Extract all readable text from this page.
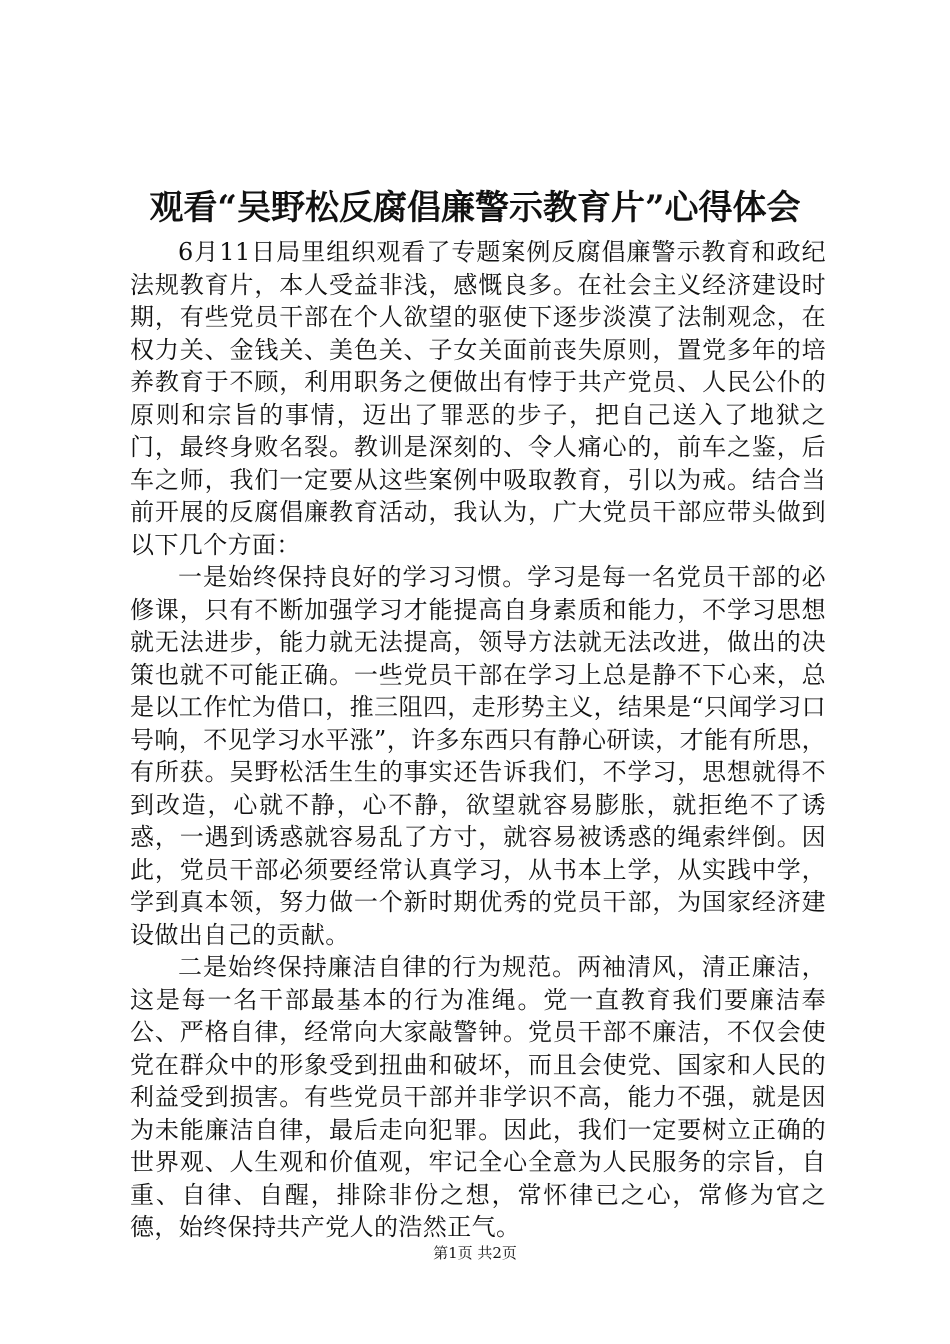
观看“吴野松反腐倡廉警示教育片”心得体会

6月11日局里组织观看了专题案例反腐倡廉警示教育和政纪法规教育片，本人受益非浅，感慨良多。在社会主义经济建设时期，有些党员干部在个人欲望的驱使下逐步淡漠了法制观念，在权力关、金钱关、美色关、子女关面前丧失原则，置党多年的培养教育于不顾，利用职务之便做出有悖于共产党员、人民公仆的原则和宗旨的事情，迈出了罪恶的步子，把自己送入了地狱之门，最终身败名裂。教训是深刻的、令人痛心的，前车之鉴，后车之师，我们一定要从这些案例中吸取教育，引以为戒。结合当前开展的反腐倡廉教育活动，我认为，广大党员干部应带头做到以下几个方面：

一是始终保持良好的学习习惯。学习是每一名党员干部的必修课，只有不断加强学习才能提高自身素质和能力，不学习思想就无法进步，能力就无法提高，领导方法就无法改进，做出的决策也就不可能正确。一些党员干部在学习上总是静不下心来，总是以工作忙为借口，推三阻四，走形势主义，结果是“只闻学习口号响，不见学习水平涨”，许多东西只有静心研读，才能有所思，有所获。吴野松活生生的事实还告诉我们，不学习，思想就得不到改造，心就不静，心不静，欲望就容易膨胀，就拒绝不了诱惑，一遇到诱惑就容易乱了方寸，就容易被诱惑的绳索绊倒。因此，党员干部必须要经常认真学习，从书本上学，从实践中学，学到真本领，努力做一个新时期优秀的党员干部，为国家经济建设做出自己的贡献。

二是始终保持廉洁自律的行为规范。两袖清风，清正廉洁，这是每一名干部最基本的行为准绳。党一直教育我们要廉洁奉公、严格自律，经常向大家敲警钟。党员干部不廉洁，不仅会使党在群众中的形象受到扭曲和破坏，而且会使党、国家和人民的利益受到损害。有些党员干部并非学识不高，能力不强，就是因为未能廉洁自律，最后走向犯罪。因此，我们一定要树立正确的世界观、人生观和价值观，牢记全心全意为人民服务的宗旨，自重、自律、自醒，排除非份之想，常怀律已之心，常修为官之德，始终保持共产党人的浩然正气。

第1页 共2页
